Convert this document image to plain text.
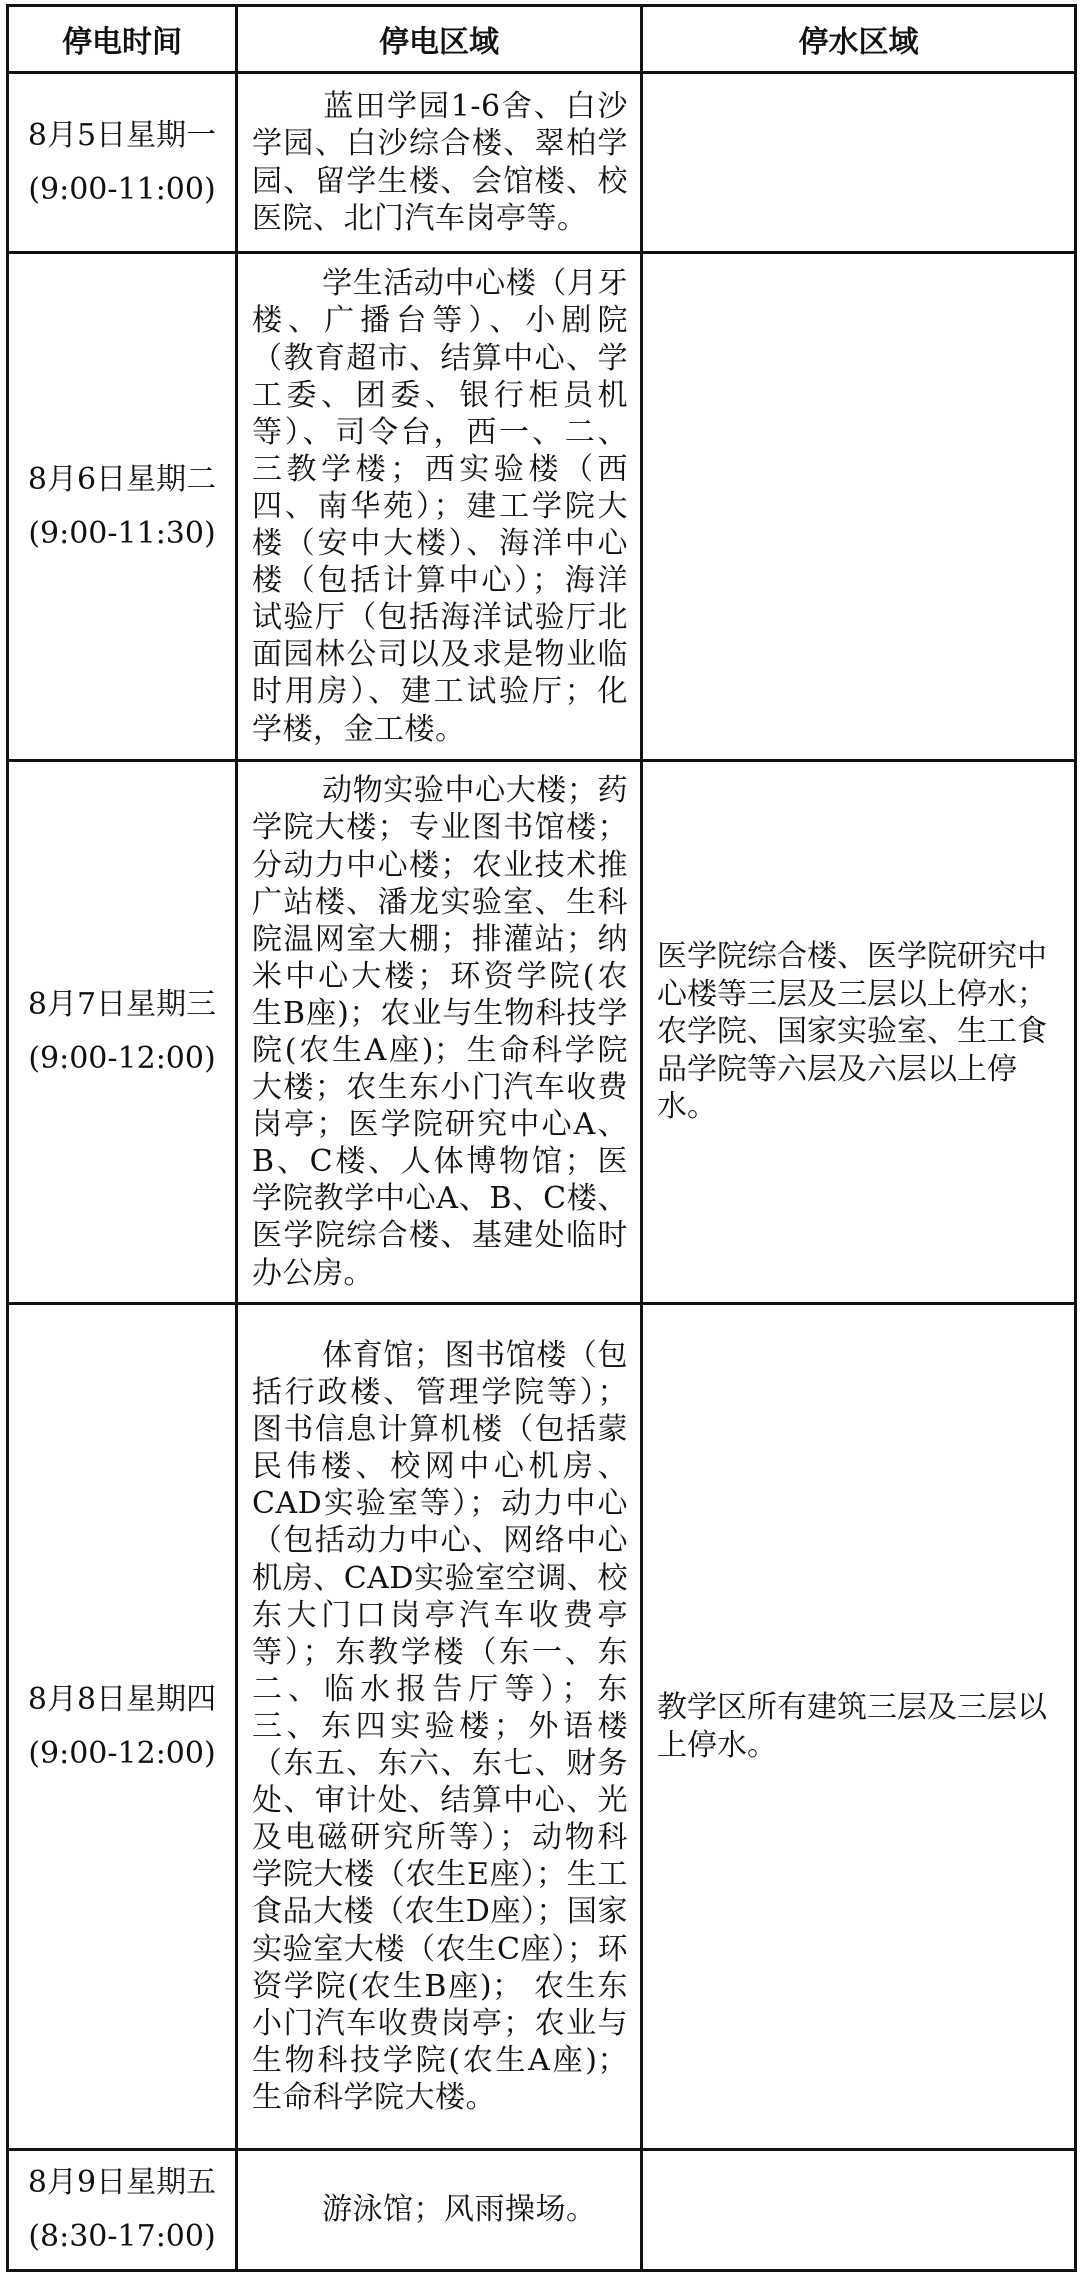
停电时间	停电区域	停水区域

8月5日星期一
(9:00-11:00)	蓝田学园1-6舍、白沙学园、白沙综合楼、翠柏学园、留学生楼、会馆楼、校医院、北门汽车岗亭等。	

8月6日星期二
(9:00-11:30)	学生活动中心楼（月牙楼、广播台等）、小剧院（教育超市、结算中心、学工委、团委、银行柜员机等）、司令台，西一、二、三教学楼；西实验楼（西四、南华苑）；建工学院大楼（安中大楼）、海洋中心楼（包括计算中心）；海洋试验厅（包括海洋试验厅北面园林公司以及求是物业临时用房）、建工试验厅；化学楼，金工楼。	

8月7日星期三
(9:00-12:00)	动物实验中心大楼；药学院大楼；专业图书馆楼；分动力中心楼；农业技术推广站楼、潘龙实验室、生科院温网室大棚；排灌站；纳米中心大楼；环资学院(农生B座)；农业与生物科技学院(农生A座)；生命科学院大楼；农生东小门汽车收费岗亭；医学院研究中心A、B、C楼、人体博物馆；医学院教学中心A、B、C楼、医学院综合楼、基建处临时办公房。	医学院综合楼、医学院研究中心楼等三层及三层以上停水；农学院、国家实验室、生工食品学院等六层及六层以上停水。

8月8日星期四
(9:00-12:00)	体育馆；图书馆楼（包括行政楼、管理学院等）；图书信息计算机楼（包括蒙民伟楼、校网中心机房、CAD实验室等）；动力中心（包括动力中心、网络中心机房、CAD实验室空调、校东大门口岗亭汽车收费亭等）；东教学楼（东一、东二、临水报告厅等）；东三、东四实验楼；外语楼（东五、东六、东七、财务处、审计处、结算中心、光及电磁研究所等）；动物科学院大楼（农生E座）；生工食品大楼（农生D座）；国家实验室大楼（农生C座）；环资学院(农生B座)； 农生东小门汽车收费岗亭；农业与生物科技学院(农生A座)；生命科学院大楼。	教学区所有建筑三层及三层以上停水。

8月9日星期五
(8:30-17:00)	游泳馆；风雨操场。	
